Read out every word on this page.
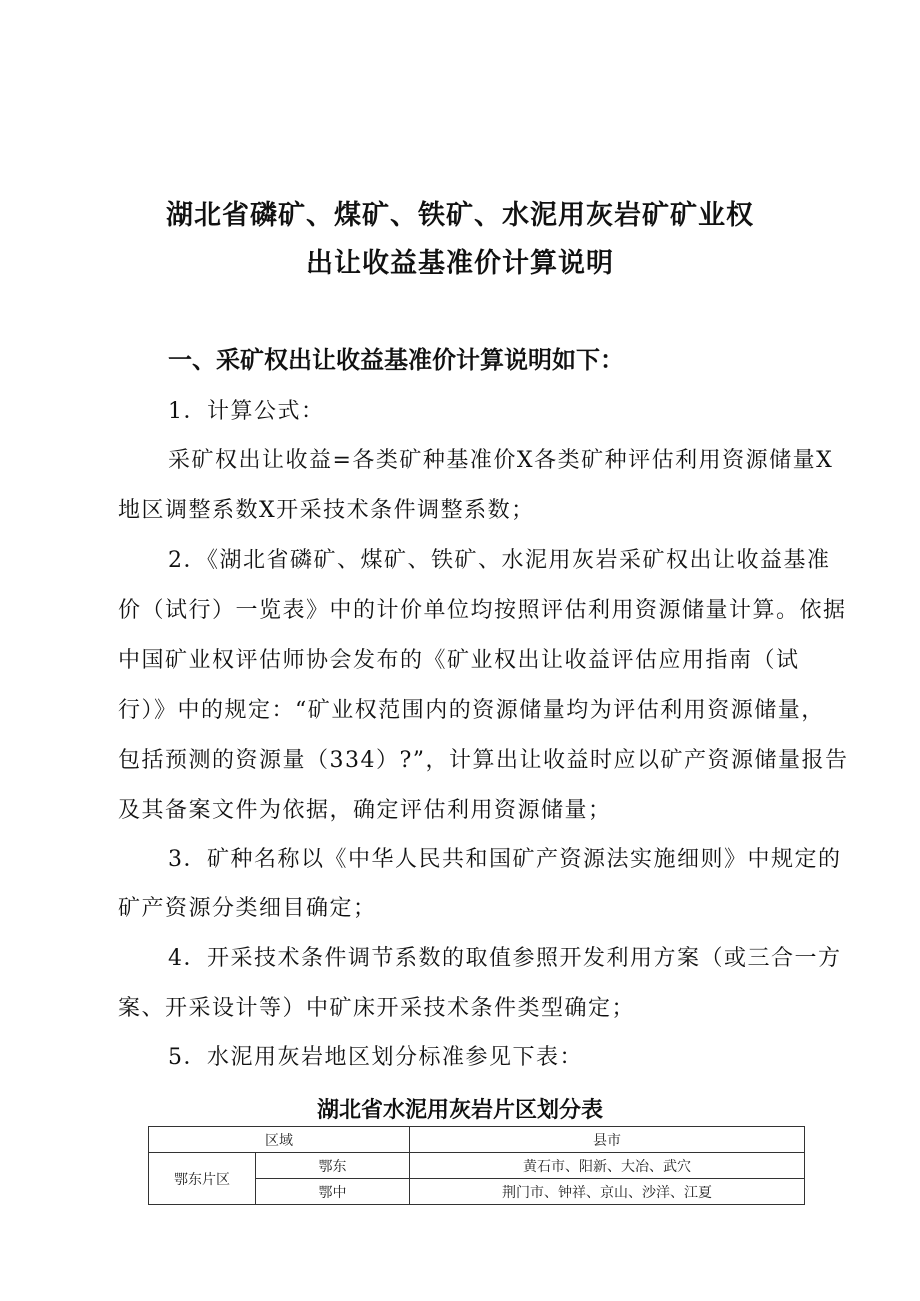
湖北省磷矿、煤矿、铁矿、水泥用灰岩矿矿业权
出让收益基准价计算说明
一、采矿权出让收益基准价计算说明如下：

1．计算公式：

采矿权出让收益=各类矿种基准价X各类矿种评估利用资源储量X

地区调整系数X开采技术条件调整系数；

2．《湖北省磷矿、煤矿、铁矿、水泥用灰岩采矿权出让收益基准

价（试行）一览表》中的计价单位均按照评估利用资源储量计算。依据

中国矿业权评估师协会发布的《矿业权出让收益评估应用指南（试

行）》中的规定：“矿业权范围内的资源储量均为评估利用资源储量，

包括预测的资源量（334）?”，计算出让收益时应以矿产资源储量报告

及其备案文件为依据，确定评估利用资源储量；

3．矿种名称以《中华人民共和国矿产资源法实施细则》中规定的

矿产资源分类细目确定；

4．开采技术条件调节系数的取值参照开发利用方案（或三合一方

案、开采设计等）中矿床开采技术条件类型确定；

5．水泥用灰岩地区划分标准参见下表：

湖北省水泥用灰岩片区划分表
区域		县市
鄂东片区	鄂东	黄石市、阳新、大冶、武穴
	鄂中	荆门市、钟祥、京山、沙洋、江夏
